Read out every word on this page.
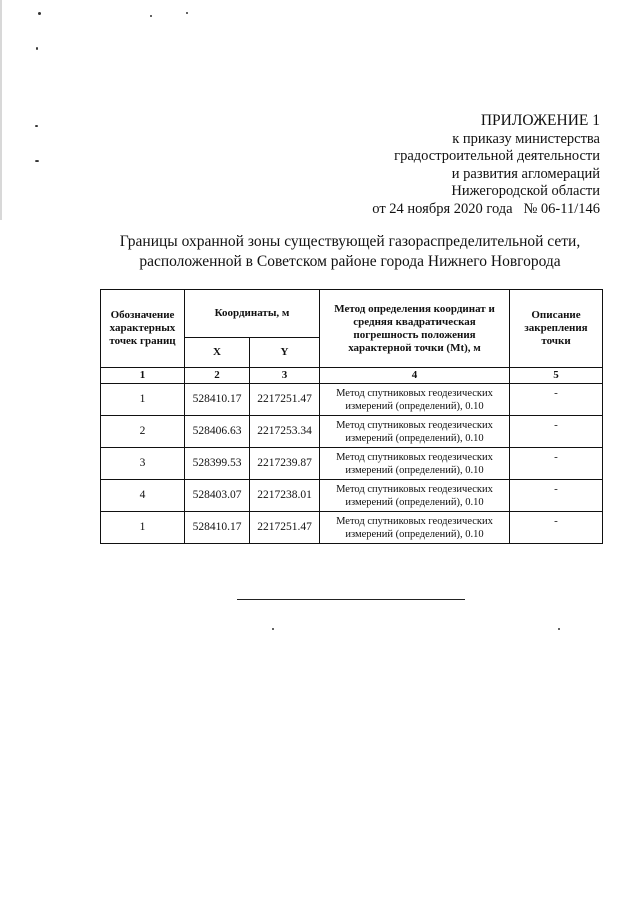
ПРИЛОЖЕНИЕ 1
к приказу министерства
градостроительной деятельности
и развития агломераций
Нижегородской области
от 24 ноября 2020 года   № 06-11/146
Границы охранной зоны существующей газораспределительной сети,
расположенной в Советском районе города Нижнего Новгорода
Обозначение характерных точек границ	Координаты, м		Метод определения координат и средняя квадратическая погрешность положения характерной точки (Mt), м	Описание закрепления точки
	X	Y		
1	2	3	4	5
1	528410.17	2217251.47	Метод спутниковых геодезических измерений (определений), 0.10	-
2	528406.63	2217253.34	Метод спутниковых геодезических измерений (определений), 0.10	-
3	528399.53	2217239.87	Метод спутниковых геодезических измерений (определений), 0.10	-
4	528403.07	2217238.01	Метод спутниковых геодезических измерений (определений), 0.10	-
1	528410.17	2217251.47	Метод спутниковых геодезических измерений (определений), 0.10	-
